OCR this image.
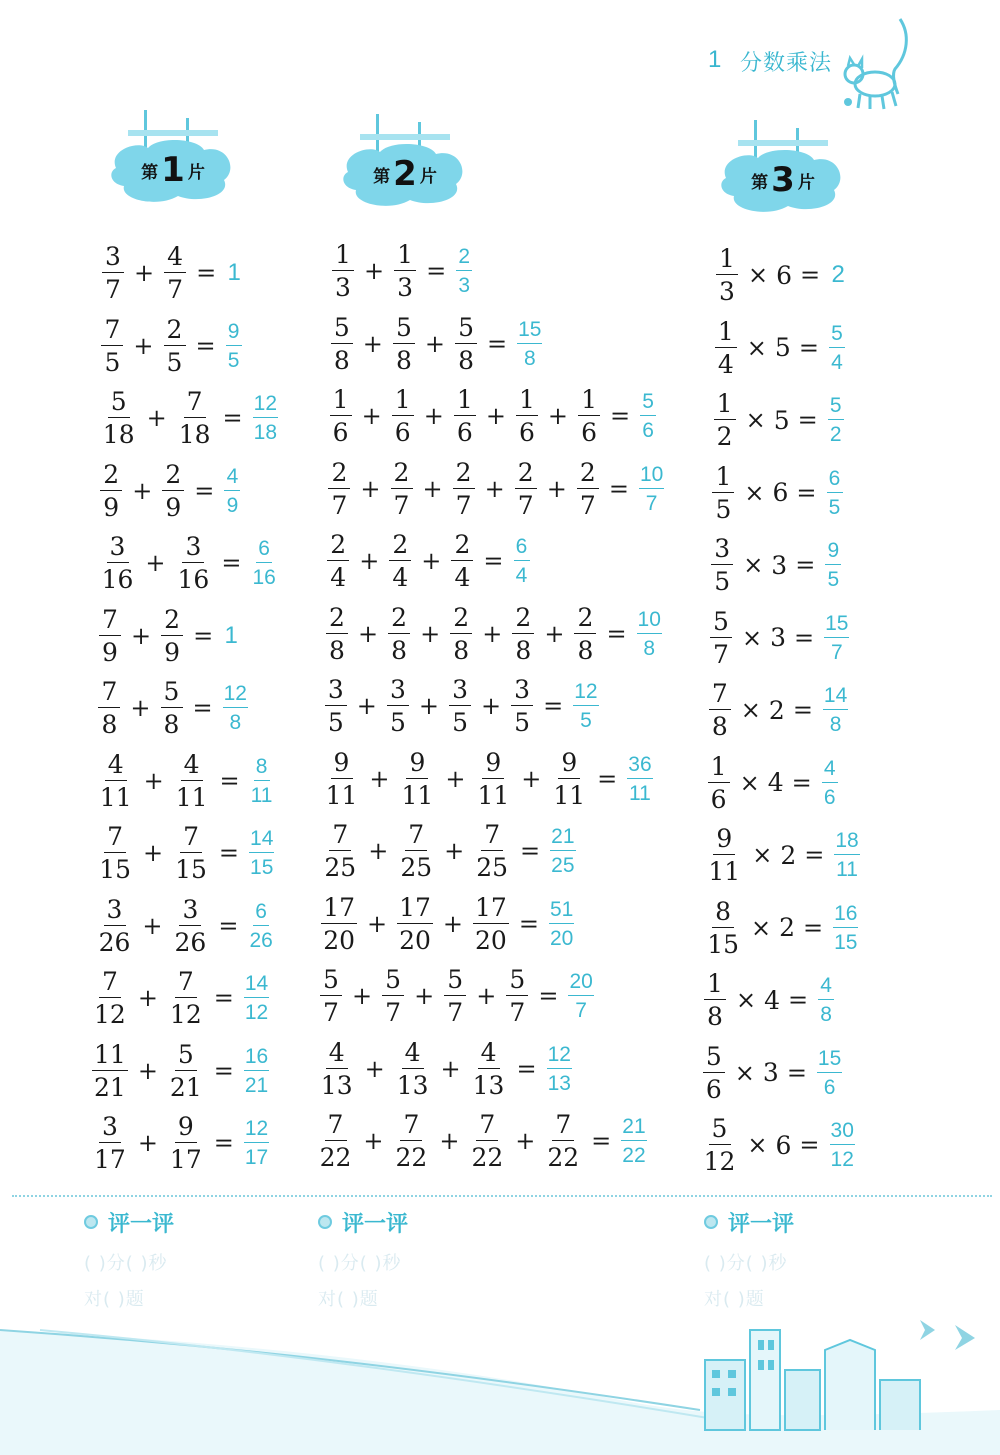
1 分数乘法
第 1 片	第 2 片	第 3 片
$\frac{3}{7} + \frac{4}{7} = 1$
$\frac{7}{5} + \frac{2}{5} = \frac{9}{5}$
$\frac{5}{18} + \frac{7}{18} = \frac{12}{18}$
$\frac{2}{9} + \frac{2}{9} = \frac{4}{9}$
$\frac{3}{16} + \frac{3}{16} = \frac{6}{16}$
$\frac{7}{9} + \frac{2}{9} = 1$
$\frac{7}{8} + \frac{5}{8} = \frac{12}{8}$
$\frac{4}{11} + \frac{4}{11} = \frac{8}{11}$
$\frac{7}{15} + \frac{7}{15} = \frac{14}{15}$
$\frac{3}{26} + \frac{3}{26} = \frac{6}{26}$
$\frac{7}{12} + \frac{7}{12} = \frac{14}{12}$
$\frac{11}{21} + \frac{5}{21} = \frac{16}{21}$
$\frac{3}{17} + \frac{9}{17} = \frac{12}{17}$
$\frac{1}{3} + \frac{1}{3} = \frac{2}{3}$
$\frac{5}{8} + \frac{5}{8} + \frac{5}{8} = \frac{15}{8}$
$\frac{1}{6} + \frac{1}{6} + \frac{1}{6} + \frac{1}{6} + \frac{1}{6} = \frac{5}{6}$
$\frac{2}{7} + \frac{2}{7} + \frac{2}{7} + \frac{2}{7} + \frac{2}{7} = \frac{10}{7}$
$\frac{2}{4} + \frac{2}{4} + \frac{2}{4} = \frac{6}{4}$
$\frac{2}{8} + \frac{2}{8} + \frac{2}{8} + \frac{2}{8} + \frac{2}{8} = \frac{10}{8}$
$\frac{3}{5} + \frac{3}{5} + \frac{3}{5} + \frac{3}{5} = \frac{12}{5}$
$\frac{9}{11} + \frac{9}{11} + \frac{9}{11} + \frac{9}{11} = \frac{36}{11}$
$\frac{7}{25} + \frac{7}{25} + \frac{7}{25} = \frac{21}{25}$
$\frac{17}{20} + \frac{17}{20} + \frac{17}{20} = \frac{51}{20}$
$\frac{5}{7} + \frac{5}{7} + \frac{5}{7} + \frac{5}{7} = \frac{20}{7}$
$\frac{4}{13} + \frac{4}{13} + \frac{4}{13} = \frac{12}{13}$
$\frac{7}{22} + \frac{7}{22} + \frac{7}{22} + \frac{7}{22} = \frac{21}{22}$
$\frac{1}{3} \times 6 = 2$
$\frac{1}{4} \times 5 = \frac{5}{4}$
$\frac{1}{2} \times 5 = \frac{5}{2}$
$\frac{1}{5} \times 6 = \frac{6}{5}$
$\frac{3}{5} \times 3 = \frac{9}{5}$
$\frac{5}{7} \times 3 = \frac{15}{7}$
$\frac{7}{8} \times 2 = \frac{14}{8}$
$\frac{1}{6} \times 4 = \frac{4}{6}$
$\frac{9}{11} \times 2 = \frac{18}{11}$
$\frac{8}{15} \times 2 = \frac{16}{15}$
$\frac{1}{8} \times 4 = \frac{4}{8}$
$\frac{5}{6} \times 3 = \frac{15}{6}$
$\frac{5}{12} \times 6 = \frac{30}{12}$
评一评
( )分( )秒
对( )题
评一评
( )分( )秒
对( )题
评一评
( )分( )秒
对( )题
